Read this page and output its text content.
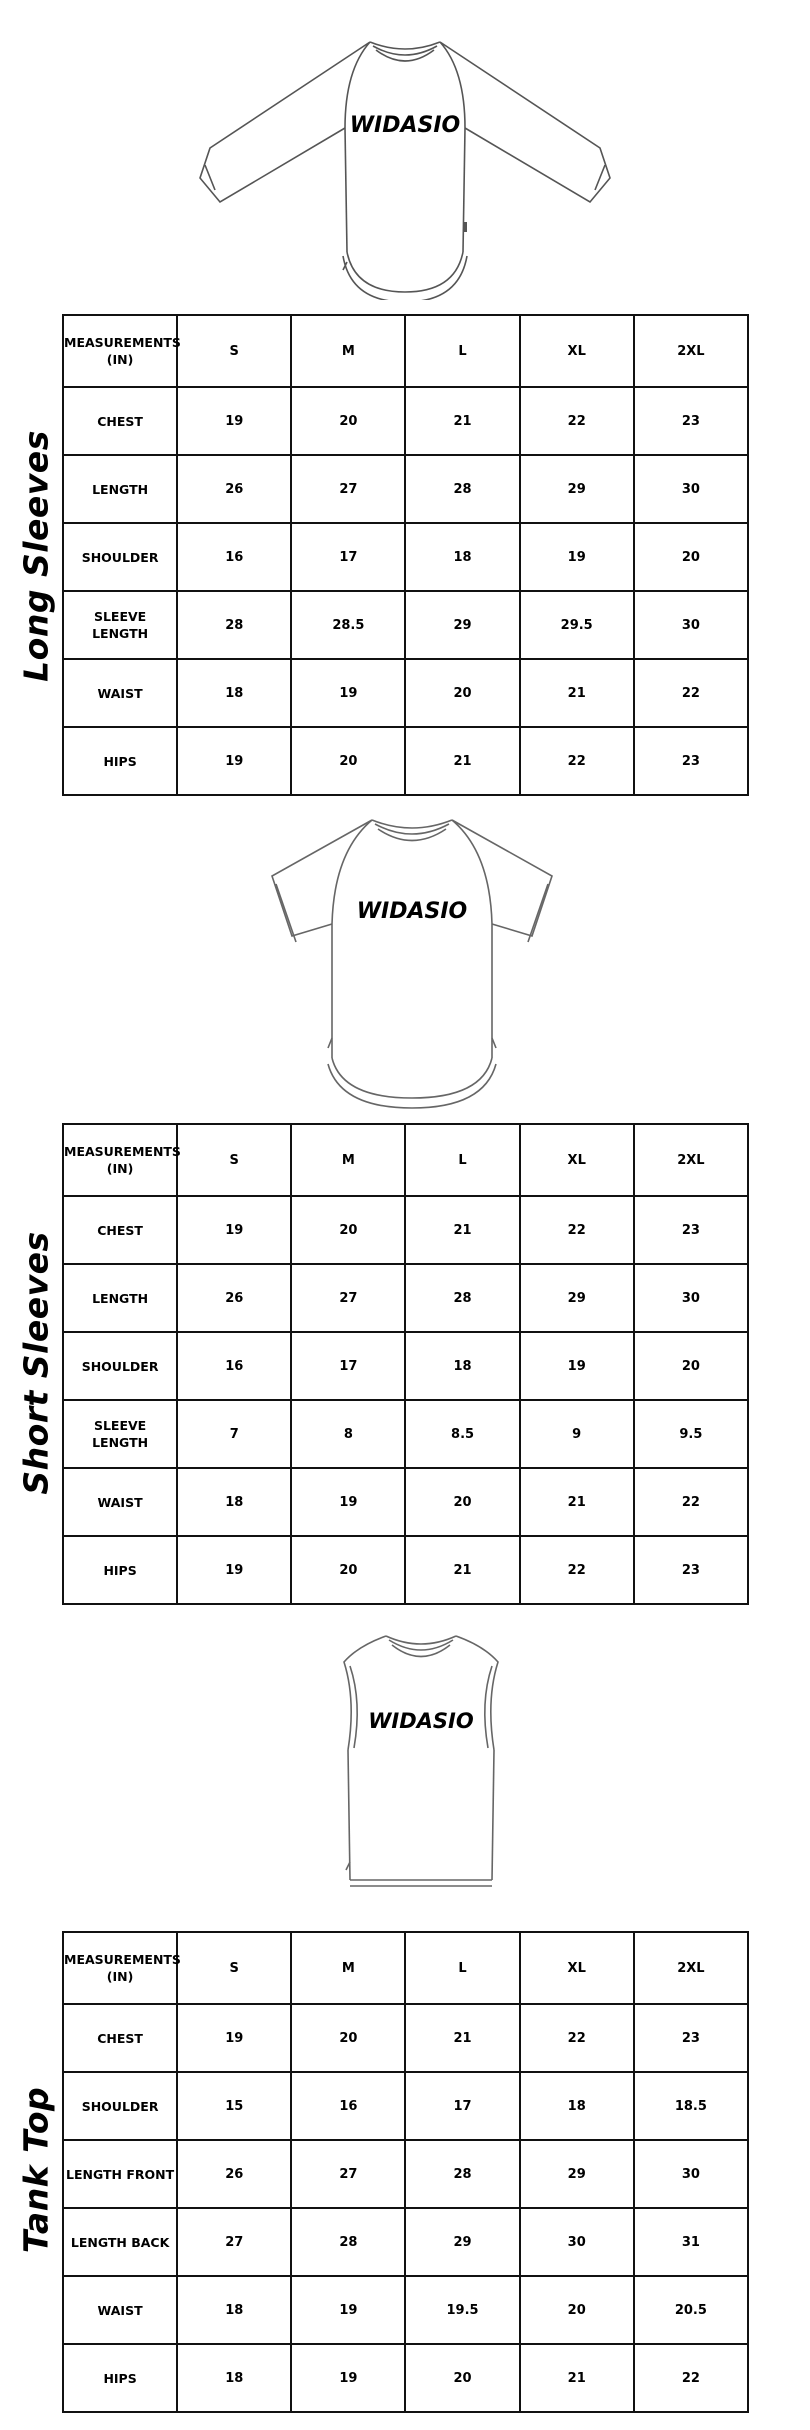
WIDASIO
Long Sleeves
MEASUREMENTS
(IN)	S	M	L	XL	2XL
CHEST	19	20	21	22	23
LENGTH	26	27	28	29	30
SHOULDER	16	17	18	19	20
SLEEVE LENGTH	28	28.5	29	29.5	30
WAIST	18	19	20	21	22
HIPS	19	20	21	22	23
WIDASIO
Short Sleeves
MEASUREMENTS
(IN)	S	M	L	XL	2XL
CHEST	19	20	21	22	23
LENGTH	26	27	28	29	30
SHOULDER	16	17	18	19	20
SLEEVE LENGTH	7	8	8.5	9	9.5
WAIST	18	19	20	21	22
HIPS	19	20	21	22	23
WIDASIO
Tank Top
MEASUREMENTS
(IN)	S	M	L	XL	2XL
CHEST	19	20	21	22	23
SHOULDER	15	16	17	18	18.5
LENGTH FRONT	26	27	28	29	30
LENGTH BACK	27	28	29	30	31
WAIST	18	19	19.5	20	20.5
HIPS	18	19	20	21	22
